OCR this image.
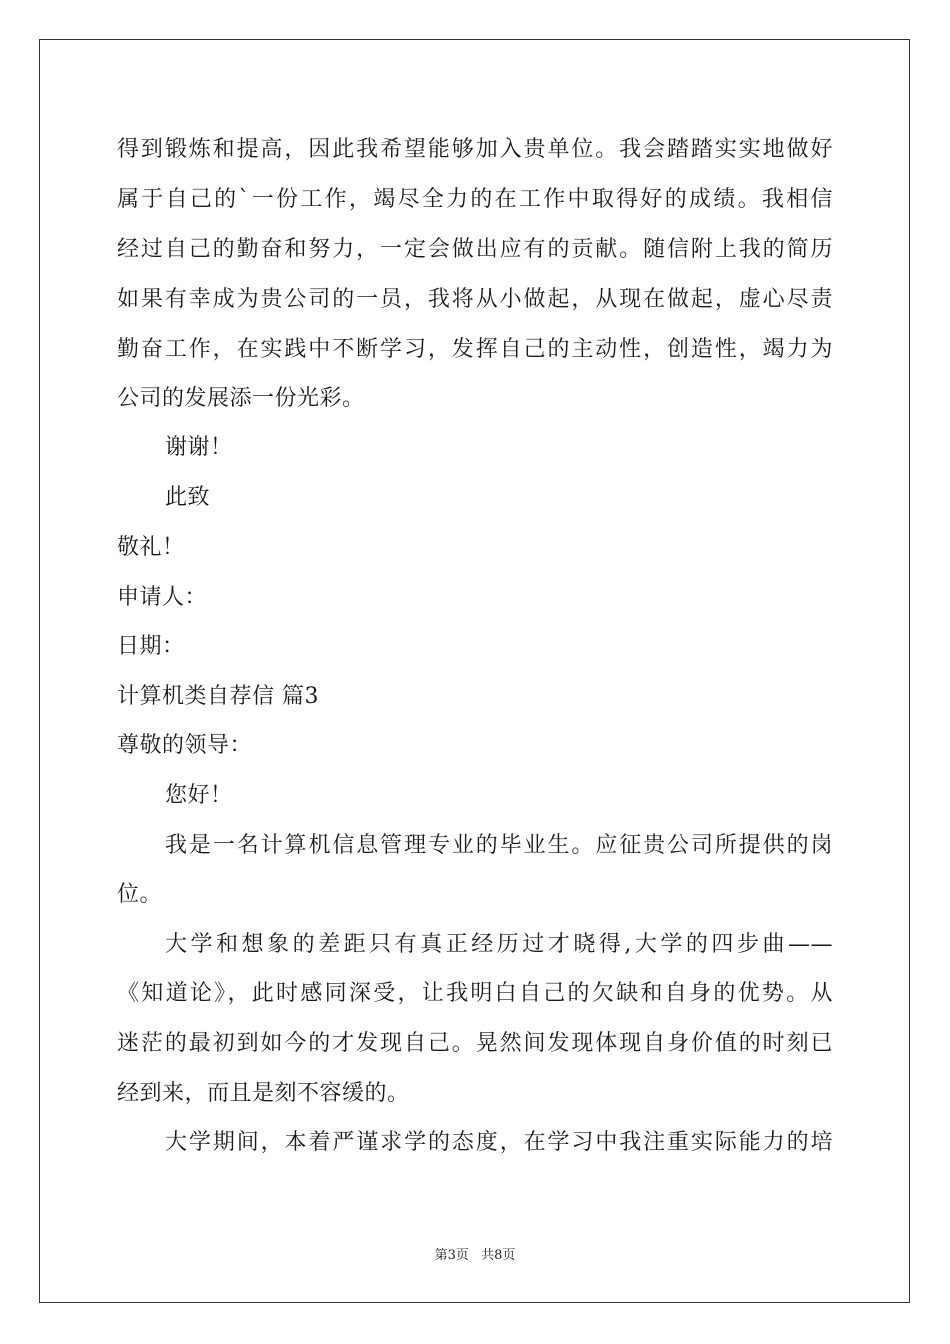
得到锻炼和提高，因此我希望能够加入贵单位。我会踏踏实实地做好
属于自己的`一份工作，竭尽全力的在工作中取得好的成绩。我相信
经过自己的勤奋和努力，一定会做出应有的贡献。随信附上我的简历
如果有幸成为贵公司的一员，我将从小做起，从现在做起，虚心尽责
勤奋工作，在实践中不断学习，发挥自己的主动性，创造性，竭力为
公司的发展添一份光彩。
谢谢！
此致
敬礼！
申请人：
日期：
计算机类自荐信 篇3
尊敬的领导：
您好！
我是一名计算机信息管理专业的毕业生。应征贵公司所提供的岗
位。
大学和想象的差距只有真正经历过才晓得,大学的四步曲——
《知道论》，此时感同深受，让我明白自己的欠缺和自身的优势。从
迷茫的最初到如今的才发现自己。晃然间发现体现自身价值的时刻已
经到来，而且是刻不容缓的。
大学期间，本着严谨求学的态度，在学习中我注重实际能力的培
第3页 共8页
